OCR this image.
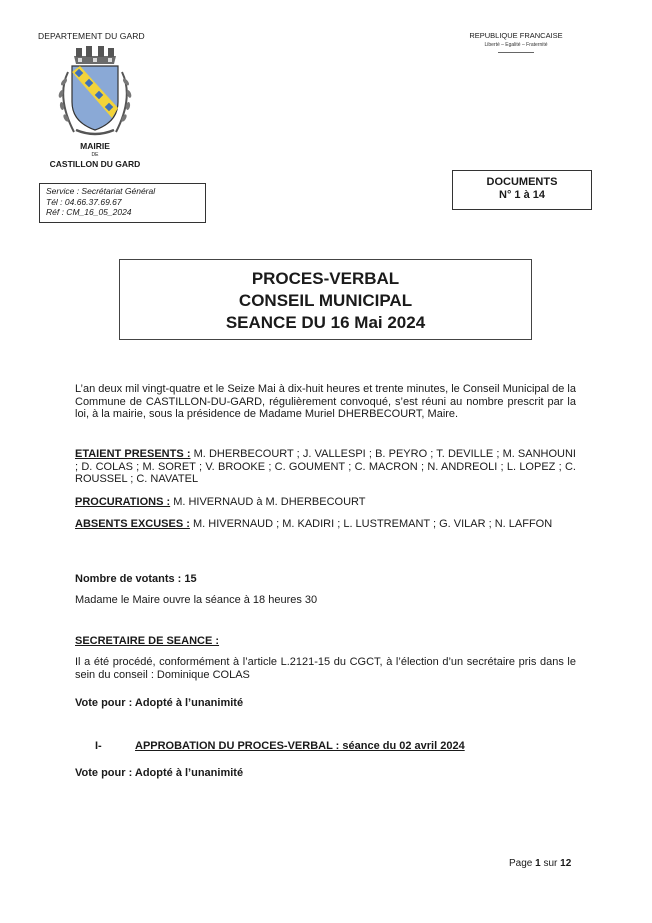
DEPARTEMENT DU GARD	REPUBLIQUE FRANCAISE
Liberté – Egalité – Fraternité
MAIRIE
DE
CASTILLON DU GARD
Service : Secrétariat Général
Tél : 04.66.37.69.67
Réf : CM_16_05_2024
DOCUMENTS
N° 1 à 14
PROCES-VERBAL
CONSEIL MUNICIPAL
SEANCE DU 16 Mai 2024
L’an deux mil vingt-quatre et le Seize Mai à dix-huit heures et trente minutes, le Conseil Municipal de la Commune de CASTILLON-DU-GARD, régulièrement convoqué, s’est réuni au nombre prescrit par la loi, à la mairie, sous la présidence de Madame Muriel DHERBECOURT, Maire.
ETAIENT PRESENTS : M. DHERBECOURT ; J. VALLESPI ; B. PEYRO ; T. DEVILLE ; M. SANHOUNI ; D. COLAS ; M. SORET ; V. BROOKE ; C. GOUMENT ; C. MACRON ; N. ANDREOLI ; L. LOPEZ ; C. ROUSSEL ; C. NAVATEL
PROCURATIONS : M. HIVERNAUD à M. DHERBECOURT
ABSENTS EXCUSES : M. HIVERNAUD ; M. KADIRI ; L. LUSTREMANT ; G. VILAR ; N. LAFFON
Nombre de votants : 15
Madame le Maire ouvre la séance à 18 heures 30
SECRETAIRE DE SEANCE :
Il a été procédé, conformément à l’article L.2121-15 du CGCT, à l’élection d’un secrétaire pris dans le sein du conseil : Dominique COLAS
Vote pour : Adopté à l’unanimité
I-	APPROBATION DU PROCES-VERBAL : séance du 02 avril 2024
Vote pour : Adopté à l’unanimité
Page 1 sur 12
